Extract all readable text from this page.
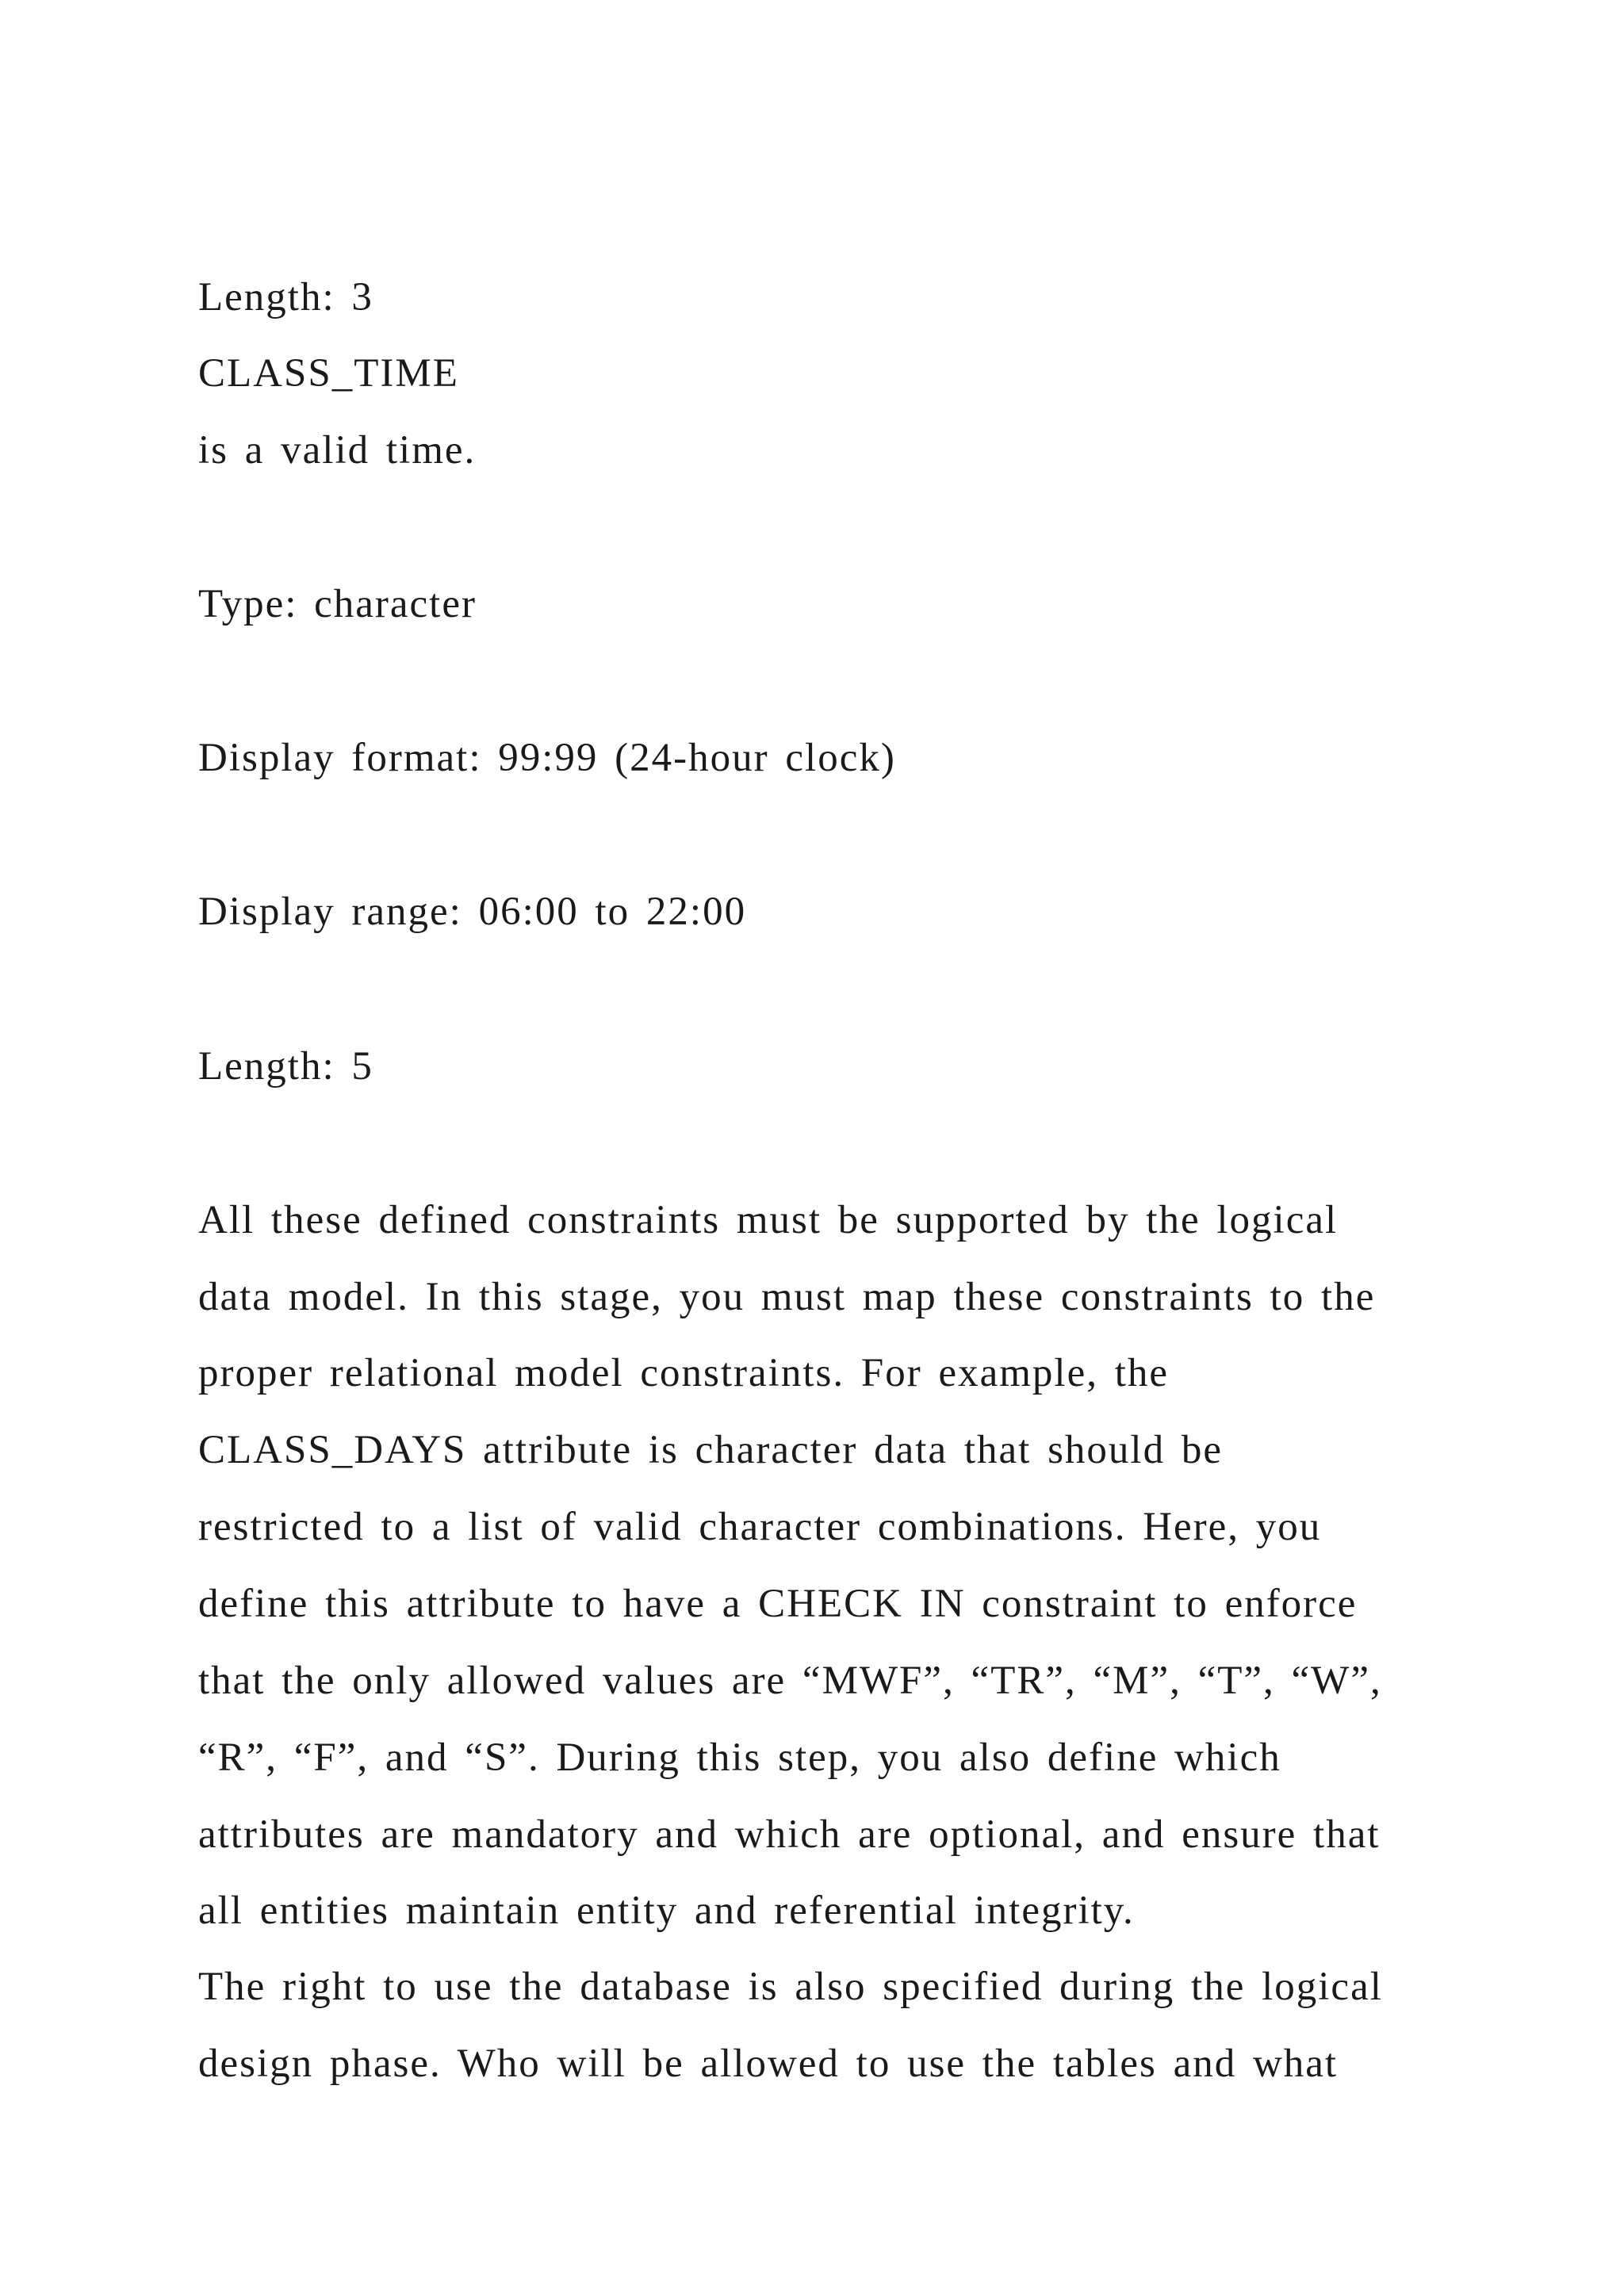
Length: 3

CLASS_TIME

is a valid time.

Type: character

Display format: 99:99 (24-hour clock)

Display range: 06:00 to 22:00

Length: 5

All these defined constraints must be supported by the logical

data model. In this stage, you must map these constraints to the

proper relational model constraints. For example, the

CLASS_DAYS attribute is character data that should be

restricted to a list of valid character combinations. Here, you

define this attribute to have a CHECK IN constraint to enforce

that the only allowed values are “MWF”, “TR”, “M”, “T”, “W”,

“R”, “F”, and “S”. During this step, you also define which

attributes are mandatory and which are optional, and ensure that

all entities maintain entity and referential integrity.

The right to use the database is also specified during the logical

design phase. Who will be allowed to use the tables and what
